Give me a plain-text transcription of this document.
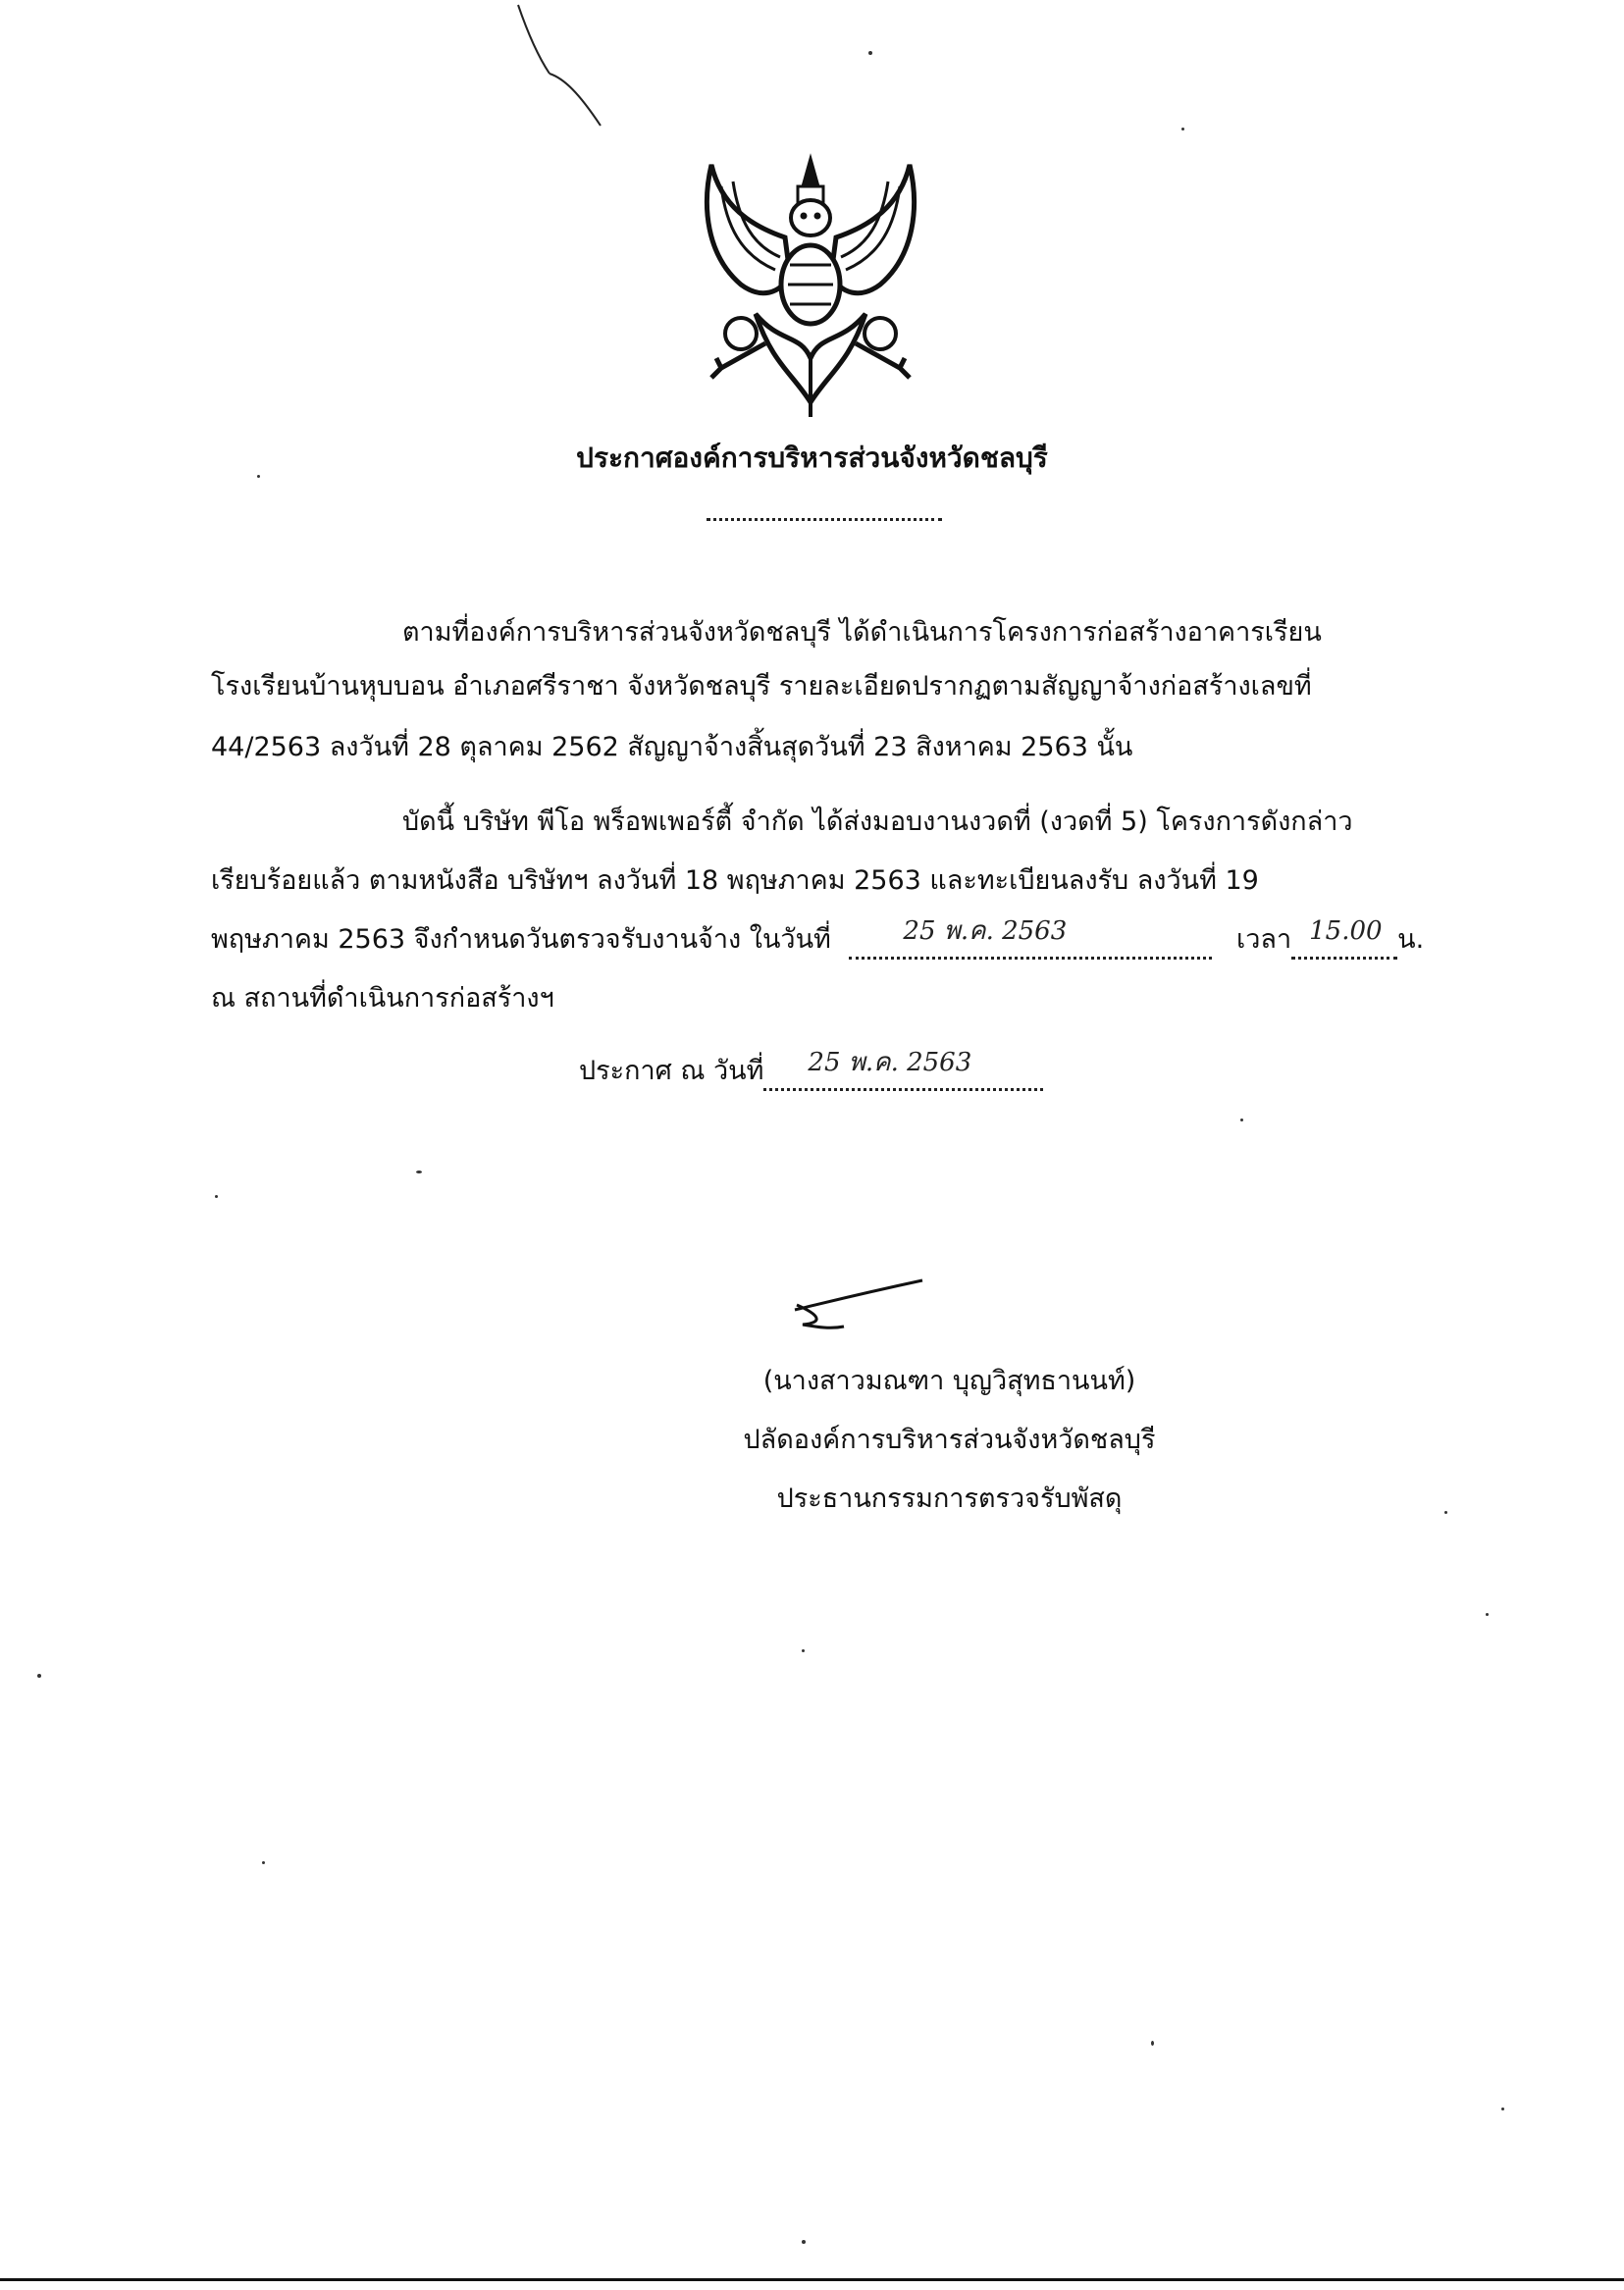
ประกาศองค์การบริหารส่วนจังหวัดชลบุรี
ตามที่องค์การบริหารส่วนจังหวัดชลบุรี ได้ดำเนินการโครงการก่อสร้างอาคารเรียน
โรงเรียนบ้านหุบบอน อำเภอศรีราชา จังหวัดชลบุรี รายละเอียดปรากฏตามสัญญาจ้างก่อสร้างเลขที่
44/2563 ลงวันที่ 28 ตุลาคม 2562 สัญญาจ้างสิ้นสุดวันที่ 23 สิงหาคม 2563 นั้น
บัดนี้ บริษัท พีโอ พร็อพเพอร์ตี้ จำกัด ได้ส่งมอบงานงวดที่ (งวดที่ 5) โครงการดังกล่าว
เรียบร้อยแล้ว ตามหนังสือ บริษัทฯ ลงวันที่ 18 พฤษภาคม 2563 และทะเบียนลงรับ ลงวันที่ 19
พฤษภาคม 2563 จึงกำหนดวันตรวจรับงานจ้าง ในวันที่	25 พ.ค. 2563	เวลา 15.00 น.
ณ สถานที่ดำเนินการก่อสร้างฯ
ประกาศ ณ วันที่ 25 พ.ค. 2563
(นางสาวมณฑา บุญวิสุทธานนท์)
ปลัดองค์การบริหารส่วนจังหวัดชลบุรี
ประธานกรรมการตรวจรับพัสดุ
